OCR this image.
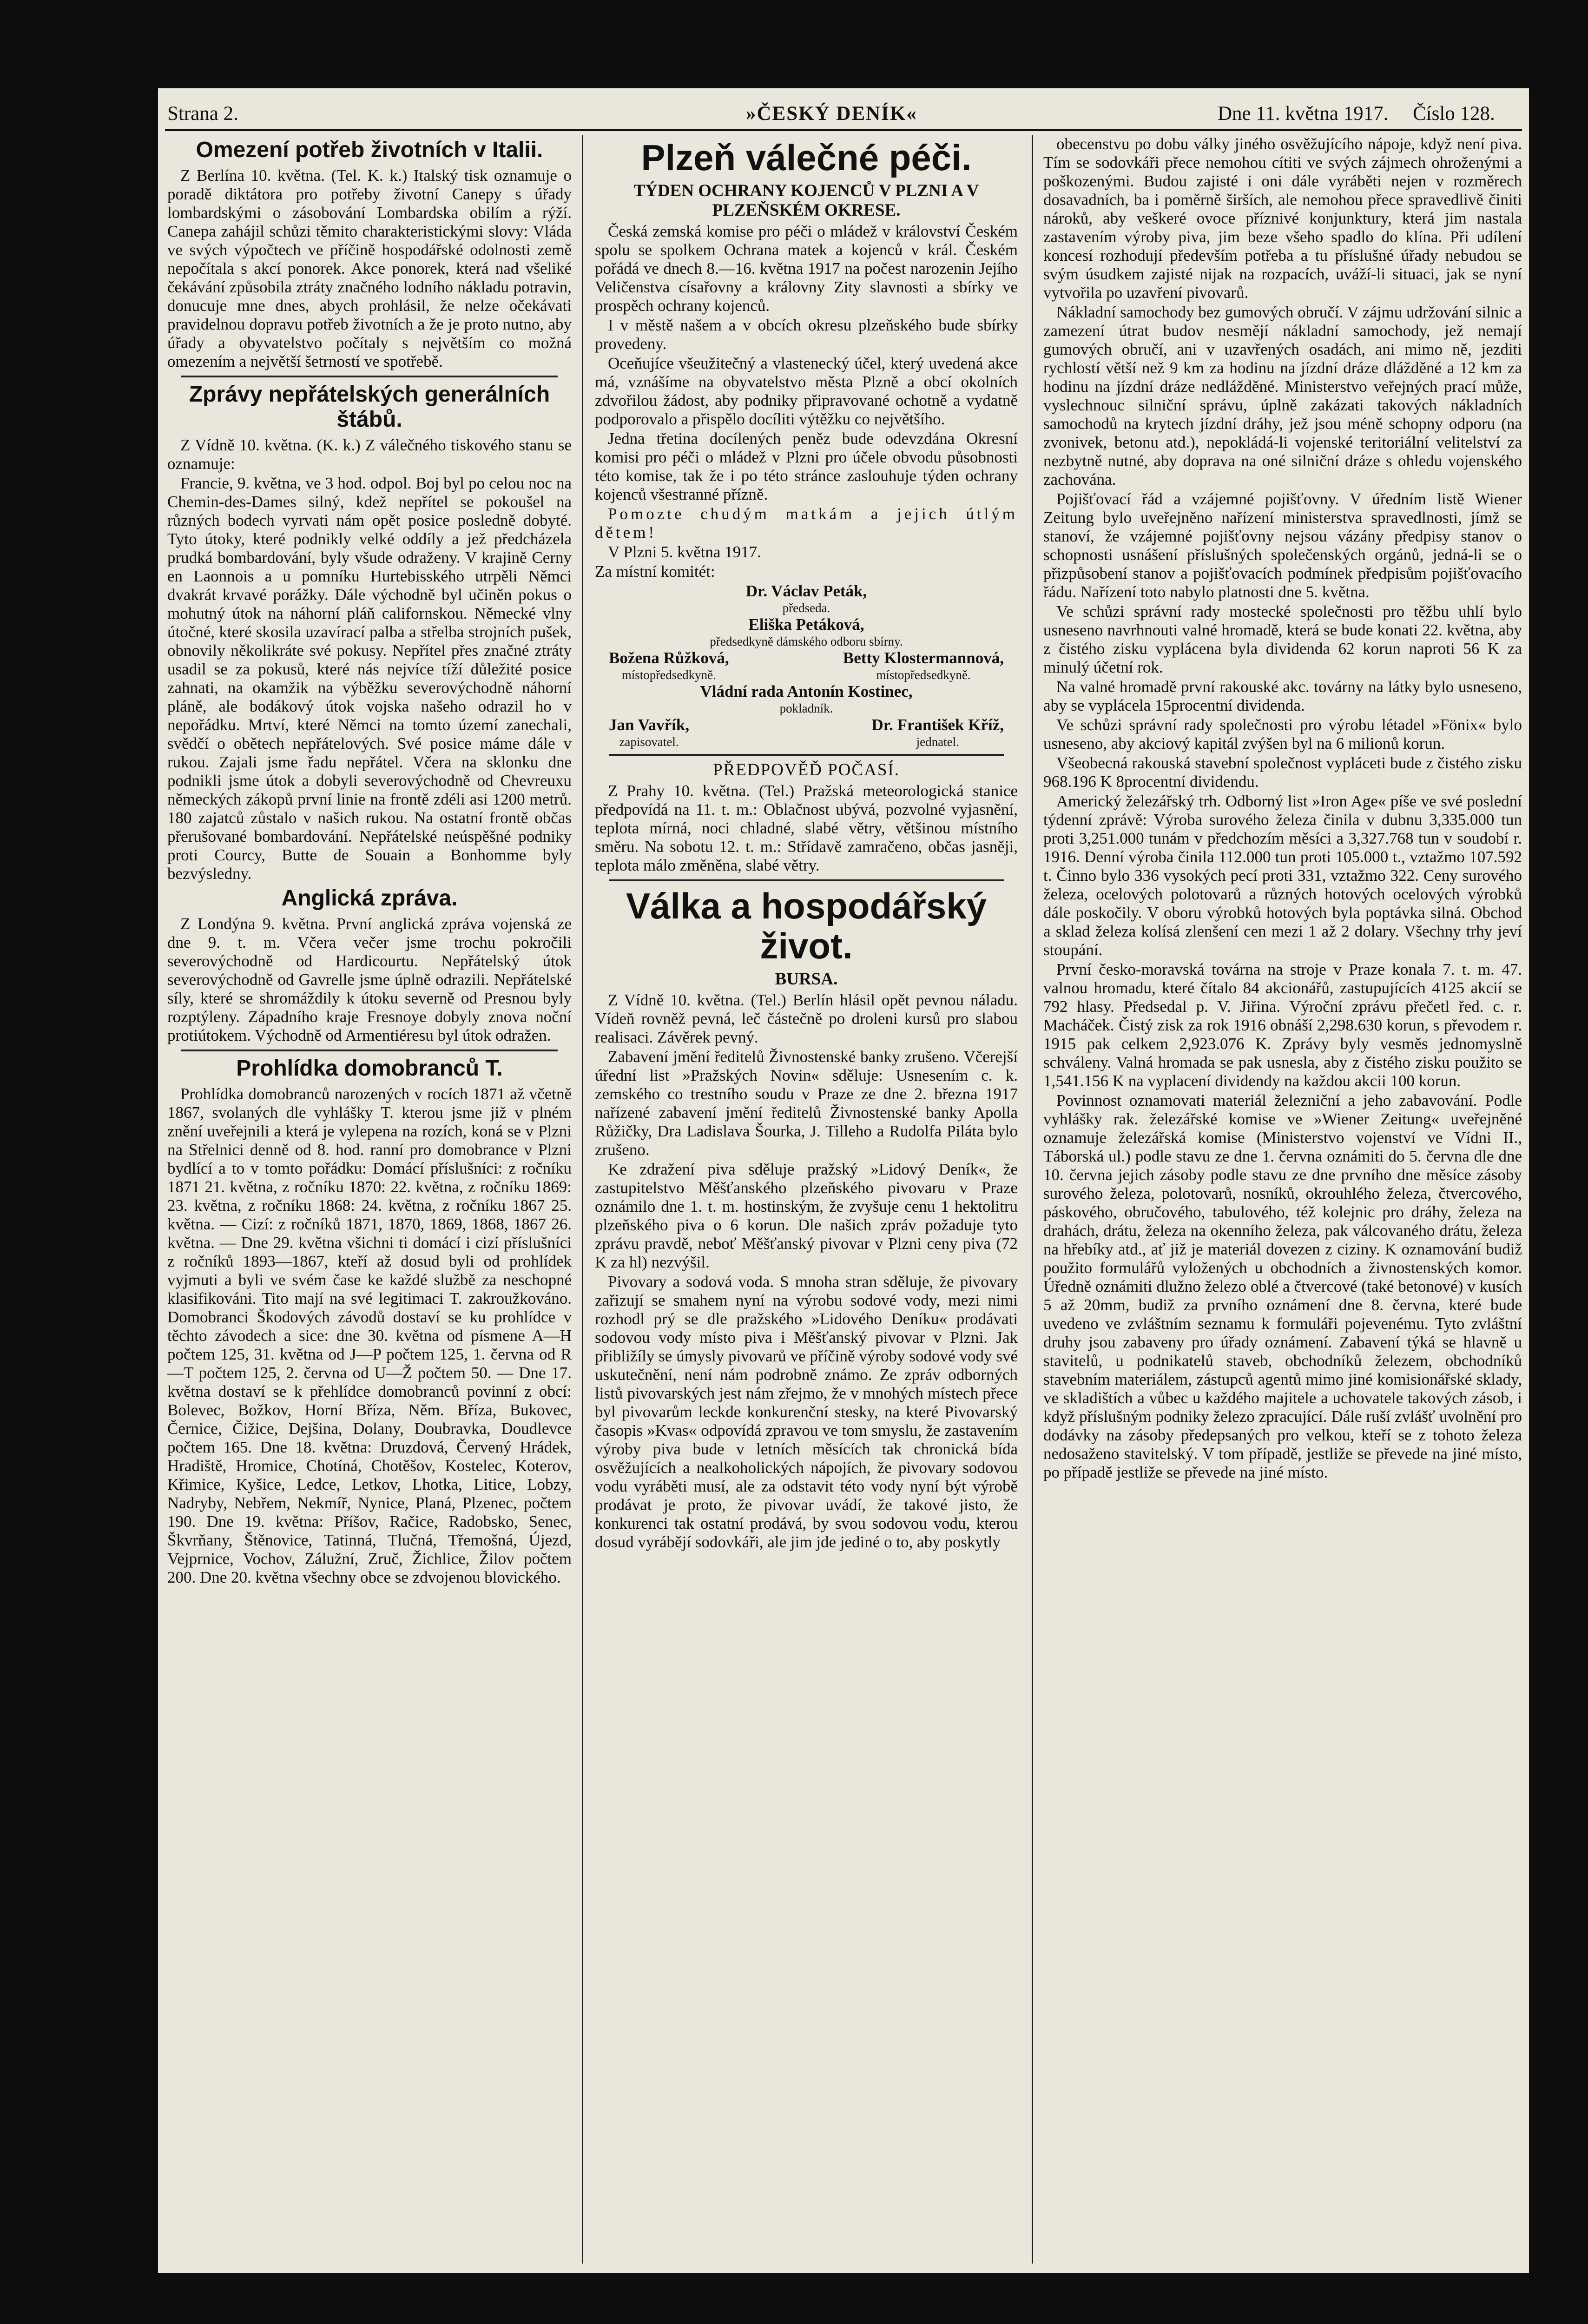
Strana 2.	»ČESKÝ DENÍK«	Dne 11. května 1917. Číslo 128.
Omezení potřeb životních v Italii.

Z Berlína 10. května. (Tel. K. k.) Italský tisk oznamuje o poradě diktátora pro potřeby životní Canepy s úřady lombardskými o zásobování Lombardska obilím a rýží. Canepa zahájil schůzi těmito charakteristickými slovy: Vláda ve svých výpočtech ve příčině hospodářské odolnosti země nepočítala s akcí ponorek. Akce ponorek, která nad všeliké čekávání způsobila ztráty značného lodního nákladu potravin, donucuje mne dnes, abych prohlásil, že nelze očekávati pravidelnou dopravu potřeb životních a že je proto nutno, aby úřady a obyvatelstvo počítaly s největším co možná omezením a největší šetrností ve spotřebě.

Zprávy nepřátelských generálních štábů.

Z Vídně 10. května. (K. k.) Z válečného tiskového stanu se oznamuje:

Francie, 9. května, ve 3 hod. odpol. Boj byl po celou noc na Chemin-des-Dames silný, kdež nepřítel se pokoušel na různých bodech vyrvati nám opět posice posledně dobyté. Tyto útoky, které podnikly velké oddíly a jež předcházela prudká bombardování, byly všude odraženy. V krajině Cerny en Laonnois a u pomníku Hurtebisského utrpěli Němci dvakrát krvavé porážky. Dále východně byl učiněn pokus o mohutný útok na náhorní pláň californskou. Německé vlny útočné, které skosila uzavírací palba a střelba strojních pušek, obnovily několikráte své pokusy. Nepřítel přes značné ztráty usadil se za pokusů, které nás nejvíce tíží důležité posice zahnati, na okamžik na výběžku severovýchodně náhorní pláně, ale bodákový útok vojska našeho odrazil ho v nepořádku. Mrtví, které Němci na tomto území zanechali, svědčí o obětech nepřátelových. Své posice máme dále v rukou. Zajali jsme řadu nepřátel. Včera na sklonku dne podnikli jsme útok a dobyli severovýchodně od Chevreuxu německých zákopů první linie na frontě zdéli asi 1200 metrů. 180 zajatců zůstalo v našich rukou. Na ostatní frontě občas přerušované bombardování. Nepřátelské neúspěšné podniky proti Courcy, Butte de Souain a Bonhomme byly bezvýsledny.

Anglická zpráva.

Z Londýna 9. května. První anglická zpráva vojenská ze dne 9. t. m. Včera večer jsme trochu pokročili severovýchodně od Hardicourtu. Nepřátelský útok severovýchodně od Gavrelle jsme úplně odrazili. Nepřátelské síly, které se shromáždily k útoku severně od Presnou byly rozptýleny. Západního kraje Fresnoye dobyly znova noční protiútokem. Východně od Armentiéresu byl útok odražen.

Prohlídka domobranců T.

Prohlídka domobranců narozených v rocích 1871 až včetně 1867, svolaných dle vyhlášky T. kterou jsme již v plném znění uveřejnili a která je vylepena na rozích, koná se v Plzni na Střelnici denně od 8. hod. ranní pro domobrance v Plzni bydlící a to v tomto pořádku: Domácí příslušníci: z ročníku 1871 21. května, z ročníku 1870: 22. května, z ročníku 1869: 23. května, z ročníku 1868: 24. května, z ročníku 1867 25. května. — Cizí: z ročníků 1871, 1870, 1869, 1868, 1867 26. května. — Dne 29. května všichni ti domácí i cizí příslušníci z ročníků 1893—1867, kteří až dosud byli od prohlídek vyjmuti a byli ve svém čase ke každé službě za neschopné klasifikováni. Tito mají na své legitimaci T. zakroužkováno. Domobranci Škodových závodů dostaví se ku prohlídce v těchto závodech a sice: dne 30. května od písmene A—H počtem 125, 31. května od J—P počtem 125, 1. června od R—T počtem 125, 2. června od U—Ž počtem 50. — Dne 17. května dostaví se k přehlídce domobranců povinní z obcí: Bolevec, Božkov, Horní Bříza, Něm. Bříza, Bukovec, Černice, Čižice, Dejšina, Dolany, Doubravka, Doudlevce počtem 165. Dne 18. května: Druzdová, Červený Hrádek, Hradiště, Hromice, Chotíná, Chotěšov, Kostelec, Koterov, Křimice, Kyšice, Ledce, Letkov, Lhotka, Litice, Lobzy, Nadryby, Nebřem, Nekmíř, Nynice, Planá, Plzenec, počtem 190. Dne 19. května: Příšov, Račice, Radobsko, Senec, Škvrňany, Štěnovice, Tatinná, Tlučná, Třemošná, Újezd, Vejprnice, Vochov, Zálužní, Zruč, Žichlice, Žilov počtem 200. Dne 20. května všechny obce se zdvojenou blovického.

Plzeň válečné péči.
TÝDEN OCHRANY KOJENCŮ V PLZNI A V PLZEŇSKÉM OKRESE.

Česká zemská komise pro péči o mládež v království Českém spolu se spolkem Ochrana matek a kojenců v král. Českém pořádá ve dnech 8.—16. května 1917 na počest narozenin Jejího Veličenstva císařovny a královny Zity slavnosti a sbírky ve prospěch ochrany kojenců.

I v městě našem a v obcích okresu plzeňského bude sbírky provedeny.

Oceňujíce všeužitečný a vlastenecký účel, který uvedená akce má, vznášíme na obyvatelstvo města Plzně a obcí okolních zdvořilou žádost, aby podniky připravované ochotně a vydatně podporovalo a přispělo docíliti výtěžku co největšího.

Jedna třetina docílených peněz bude odevzdána Okresní komisi pro péči o mládež v Plzni pro účele obvodu působnosti této komise, tak že i po této stránce zaslouhuje týden ochrany kojenců všestranné přízně.

Pomozte chudým matkám a jejich útlým dětem!

V Plzni 5. května 1917.

Za místní komitét:

Dr. Václav Peták,
předseda.
Eliška Petáková,
předsedkyně dámského odboru sbírny.
Božena Růžková,
místopředsedkyně.
Betty Klostermannová,
místopředsedkyně.
Vládní rada Antonín Kostinec,
pokladník.
Jan Vavřík,
zapisovatel.
Dr. František Kříž,
jednatel.
PŘEDPOVĚĎ POČASÍ.

Z Prahy 10. května. (Tel.) Pražská meteorologická stanice předpovídá na 11. t. m.: Oblačnost ubývá, pozvolné vyjasnění, teplota mírná, noci chladné, slabé větry, většinou místního směru. Na sobotu 12. t. m.: Střídavě zamračeno, občas jasněji, teplota málo změněna, slabé větry.

Válka a hospodářský život.
BURSA.

Z Vídně 10. května. (Tel.) Berlín hlásil opět pevnou náladu. Vídeň rovněž pevná, leč částečně po droleni kursů pro slabou realisaci. Závěrek pevný.

Zabavení jmění ředitelů Živnostenské banky zrušeno. Včerejší úřední list »Pražských Novin« sděluje: Usnesením c. k. zemského co trestního soudu v Praze ze dne 2. března 1917 nařízené zabavení jmění ředitelů Živnostenské banky Apolla Růžičky, Dra Ladislava Šourka, J. Tilleho a Rudolfa Piláta bylo zrušeno.

Ke zdražení piva sděluje pražský »Lidový Deník«, že zastupitelstvo Měšťanského plzeňského pivovaru v Praze oznámilo dne 1. t. m. hostinským, že zvyšuje cenu 1 hektolitru plzeňského piva o 6 korun. Dle našich zpráv požaduje tyto zprávu pravdě, neboť Měšťanský pivovar v Plzni ceny piva (72 K za hl) nezvýšil.

Pivovary a sodová voda. S mnoha stran sděluje, že pivovary zařizují se smahem nyní na výrobu sodové vody, mezi nimi rozhodl prý se dle pražského »Lidového Deníku« prodávati sodovou vody místo piva i Měšťanský pivovar v Plzni. Jak přibližíly se úmysly pivovarů ve příčině výroby sodové vody své uskutečnění, není nám podrobně známo. Ze zpráv odborných listů pivovarských jest nám zřejmo, že v mnohých místech přece byl pivovarům leckde konkurenční stesky, na které Pivovarský časopis »Kvas« odpovídá zpravou ve tom smyslu, že zastavením výroby piva bude v letních měsících tak chronická bída osvěžujících a nealkoholických nápojích, že pivovary sodovou vodu vyráběti musí, ale za odstavit této vody nyní být výrobě prodávat je proto, že pivovar uvádí, že takové jisto, že konkurenci tak ostatní prodává, by svou sodovou vodu, kterou dosud vyrábějí sodovkáři, ale jim jde jediné o to, aby poskytly

obecenstvu po dobu války jiného osvěžujícího nápoje, když není piva. Tím se sodovkáři přece nemohou cítiti ve svých zájmech ohroženými a poškozenými. Budou zajisté i oni dále vyráběti nejen v rozměrech dosavadních, ba i poměrně širších, ale nemohou přece spravedlivě činiti nároků, aby veškeré ovoce příznivé konjunktury, která jim nastala zastavením výroby piva, jim beze všeho spadlo do klína. Při udílení koncesí rozhodují především potřeba a tu příslušné úřady nebudou se svým úsudkem zajisté nijak na rozpacích, uváží-li situaci, jak se nyní vytvořila po uzavření pivovarů.

Nákladní samochody bez gumových obručí. V zájmu udržování silnic a zamezení útrat budov nesmějí nákladní samochody, jež nemají gumových obručí, ani v uzavřených osadách, ani mimo ně, jezditi rychlostí větší než 9 km za hodinu na jízdní dráze dlážděné a 12 km za hodinu na jízdní dráze nedlážděné. Ministerstvo veřejných prací může, vyslechnouc silniční správu, úplně zakázati takových nákladních samochodů na krytech jízdní dráhy, jež jsou méně schopny odporu (na zvonivek, betonu atd.), nepokládá-li vojenské teritoriální velitelství za nezbytně nutné, aby doprava na oné silniční dráze s ohledu vojenského zachována.

Pojišťovací řád a vzájemné pojišťovny. V úředním listě Wiener Zeitung bylo uveřejněno nařízení ministerstva spravedlnosti, jímž se stanoví, že vzájemné pojišťovny nejsou vázány předpisy stanov o schopnosti usnášení příslušných společenských orgánů, jedná-li se o přizpůsobení stanov a pojišťovacích podmínek předpisům pojišťovacího řádu. Nařízení toto nabylo platnosti dne 5. května.

Ve schůzi správní rady mostecké společnosti pro těžbu uhlí bylo usneseno navrhnouti valné hromadě, která se bude konati 22. května, aby z čistého zisku vyplácena byla dividenda 62 korun naproti 56 K za minulý účetní rok.

Na valné hromadě první rakouské akc. továrny na látky bylo usneseno, aby se vyplácela 15procentní dividenda.

Ve schůzi správní rady společnosti pro výrobu létadel »Fönix« bylo usneseno, aby akciový kapitál zvýšen byl na 6 milionů korun.

Všeobecná rakouská stavební společnost vypláceti bude z čistého zisku 968.196 K 8procentní dividendu.

Americký železářský trh. Odborný list »Iron Age« píše ve své poslední týdenní zprávě: Výroba surového železa činila v dubnu 3,335.000 tun proti 3,251.000 tunám v předchozím měsíci a 3,327.768 tun v soudobí r. 1916. Denní výroba činila 112.000 tun proti 105.000 t., vztažmo 107.592 t. Činno bylo 336 vysokých pecí proti 331, vztažmo 322. Ceny surového železa, ocelových polotovarů a různých hotových ocelových výrobků dále poskočily. V oboru výrobků hotových byla poptávka silná. Obchod a sklad železa kolísá zlenšení cen mezi 1 až 2 dolary. Všechny trhy jeví stoupání.

První česko-moravská továrna na stroje v Praze konala 7. t. m. 47. valnou hromadu, které čítalo 84 akcionářů, zastupujících 4125 akcií se 792 hlasy. Předsedal p. V. Jiřina. Výroční zprávu přečetl řed. c. r. Macháček. Čistý zisk za rok 1916 obnáší 2,298.630 korun, s převodem r. 1915 pak celkem 2,923.076 K. Zprávy byly vesměs jednomyslně schváleny. Valná hromada se pak usnesla, aby z čistého zisku použito se 1,541.156 K na vyplacení dividendy na každou akcii 100 korun.

Povinnost oznamovati materiál železniční a jeho zabavování. Podle vyhlášky rak. železářské komise ve »Wiener Zeitung« uveřejněné oznamuje železářská komise (Ministerstvo vojenství ve Vídni II., Táborská ul.) podle stavu ze dne 1. června oznámiti do 5. června dle dne 10. června jejich zásoby podle stavu ze dne prvního dne měsíce zásoby surového železa, polotovarů, nosníků, okrouhlého železa, čtvercového, páskového, obručového, tabulového, též kolejnic pro dráhy, železa na drahách, drátu, železa na okenního železa, pak válcovaného drátu, železa na hřebíky atd., ať již je materiál dovezen z ciziny. K oznamování budiž použito formulářů vyložených u obchodních a živnostenských komor. Úředně oznámiti dlužno železo oblé a čtvercové (také betonové) v kusích 5 až 20mm, budiž za prvního oznámení dne 8. června, které bude uvedeno ve zvláštním seznamu k formuláři pojevenému. Tyto zvláštní druhy jsou zabaveny pro úřady oznámení. Zabavení týká se hlavně u stavitelů, u podnikatelů staveb, obchodníků železem, obchodníků stavebním materiálem, zástupců agentů mimo jiné komisionářské sklady, ve skladištích a vůbec u každého majitele a uchovatele takových zásob, i když příslušným podniky železo zpracující. Dále ruší zvlášť uvolnění pro dodávky na zásoby předepsaných pro velkou, kteří se z tohoto železa nedosaženo stavitelský. V tom případě, jestliže se převede na jiné místo, po případě jestliže se převede na jiné místo.
